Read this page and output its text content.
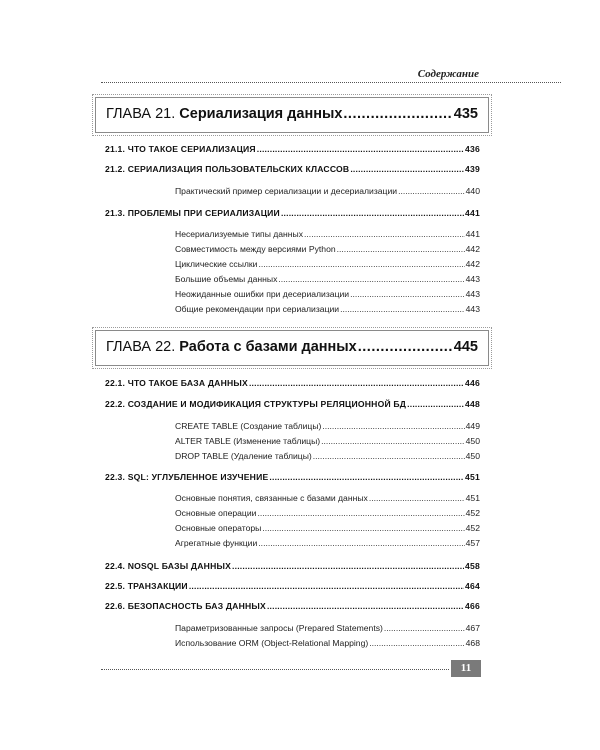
Содержание
ГЛАВА 21. Сериализация данных .....	435
21.1. ЧТО ТАКОЕ СЕРИАЛИЗАЦИЯ .....	436
21.2. СЕРИАЛИЗАЦИЯ ПОЛЬЗОВАТЕЛЬСКИХ КЛАССОВ .....	439
Практический пример сериализации и десериализации .....	440
21.3. ПРОБЛЕМЫ ПРИ СЕРИАЛИЗАЦИИ .....	441
Несериализуемые типы данных .....	441
Совместимость между версиями Python .....	442
Циклические ссылки .....	442
Большие объемы данных .....	443
Неожиданные ошибки при десериализации .....	443
Общие рекомендации при сериализации .....	443
ГЛАВА 22. Работа с базами данных .....	445
22.1. ЧТО ТАКОЕ БАЗА ДАННЫХ .....	446
22.2. СОЗДАНИЕ И МОДИФИКАЦИЯ СТРУКТУРЫ РЕЛЯЦИОННОЙ БД .....	448
CREATE TABLE (Создание таблицы) .....	449
ALTER TABLE (Изменение таблицы) .....	450
DROP TABLE (Удаление таблицы) .....	450
22.3. SQL: УГЛУБЛЕННОЕ ИЗУЧЕНИЕ .....	451
Основные понятия, связанные с базами данных .....	451
Основные операции .....	452
Основные операторы .....	452
Агрегатные функции .....	457
22.4. NOSQL БАЗЫ ДАННЫХ .....	458
22.5. ТРАНЗАКЦИИ .....	464
22.6. БЕЗОПАСНОСТЬ БАЗ ДАННЫХ .....	466
Параметризованные запросы (Prepared Statements) .....	467
Использование ORM (Object-Relational Mapping) .....	468
11
